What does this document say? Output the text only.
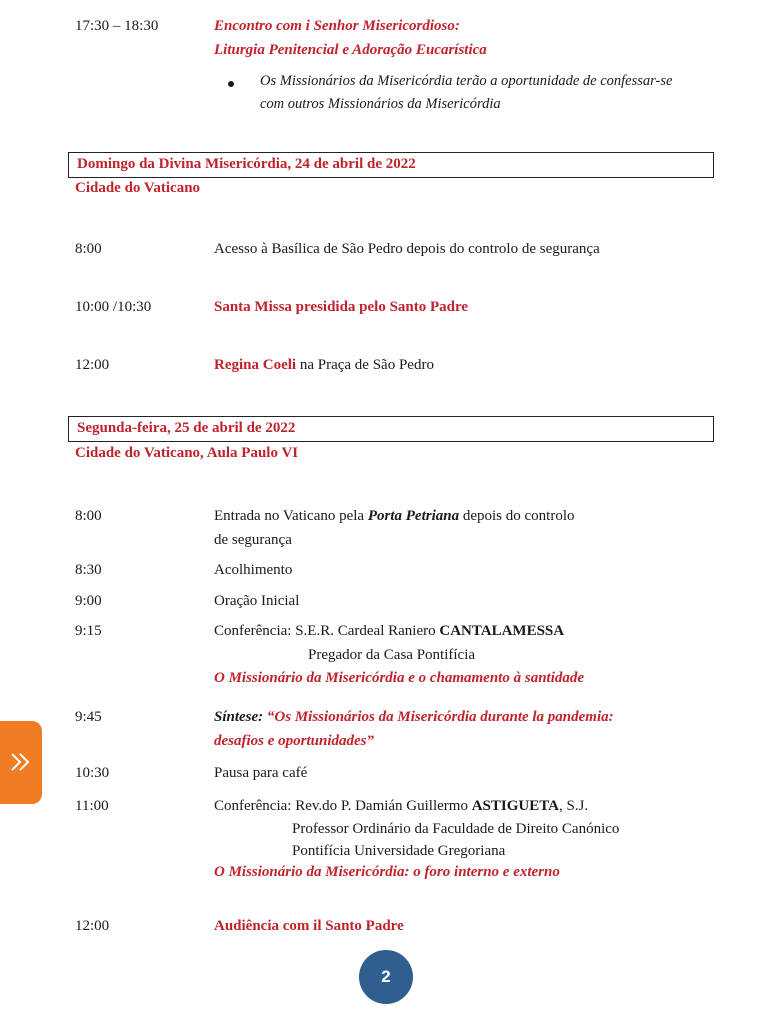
17:30 – 18:30	Encontro com i Senhor Misericordioso:
Liturgia Penitencial e Adoração Eucarística
Os Missionários da Misericórdia terão a oportunidade de confessar-se
com outros Missionários da Misericórdia
Domingo da Divina Misericórdia, 24 de abril de 2022
Cidade do Vaticano
8:00	Acesso à Basílica de São Pedro depois do controlo de segurança
10:00 /10:30	Santa Missa presidida pelo Santo Padre
12:00	Regina Coeli na Praça de São Pedro
Segunda-feira, 25 de abril de 2022
Cidade do Vaticano, Aula Paulo VI
8:00	Entrada no Vaticano pela Porta Petriana depois do controlo
de segurança
8:30	Acolhimento
9:00	Oração Inicial
9:15	Conferência: S.E.R. Cardeal Raniero CANTALAMESSA
Pregador da Casa Pontifícia
O Missionário da Misericórdia e o chamamento à santidade
9:45	Síntese: “Os Missionários da Misericórdia durante la pandemia:
desafios e oportunidades”
10:30	Pausa para café
11:00	Conferência: Rev.do P. Damián Guillermo ASTIGUETA, S.J.
Professor Ordinário da Faculdade de Direito Canónico
Pontifícia Universidade Gregoriana
O Missionário da Misericórdia: o foro interno e externo
12:00	Audiência com il Santo Padre
2
